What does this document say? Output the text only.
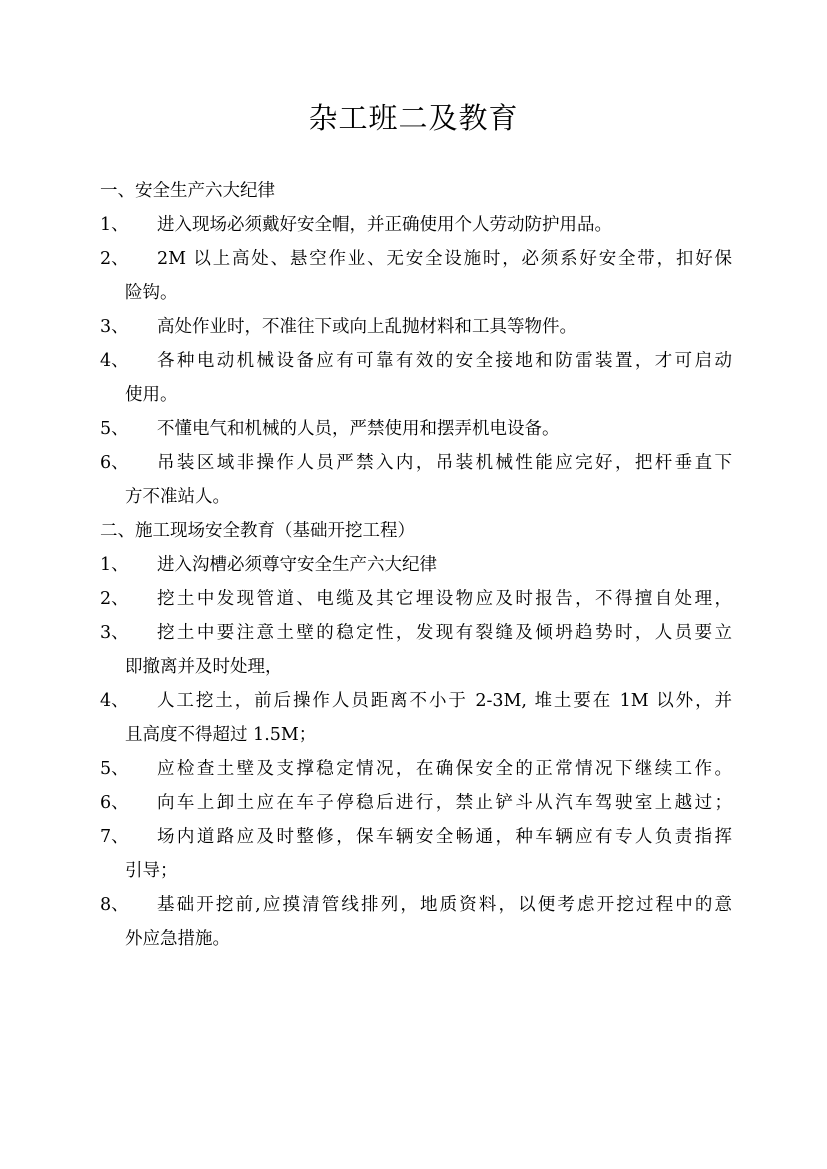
杂工班二及教育
一、安全生产六大纪律
1、	进入现场必须戴好安全帽，并正确使用个人劳动防护用品。
2、	2M 以上高处、悬空作业、无安全设施时，必须系好安全带，扣好保
险钩。
3、	高处作业时，不准往下或向上乱抛材料和工具等物件。
4、	各种电动机械设备应有可靠有效的安全接地和防雷装置，才可启动
使用。
5、	不懂电气和机械的人员，严禁使用和摆弄机电设备。
6、	吊装区域非操作人员严禁入内，吊装机械性能应完好，把杆垂直下
方不准站人。
二、施工现场安全教育（基础开挖工程）
1、	进入沟槽必须尊守安全生产六大纪律
2、	挖土中发现管道、电缆及其它埋设物应及时报告，不得擅自处理，
3、	挖土中要注意土壁的稳定性，发现有裂缝及倾坍趋势时，人员要立
即撤离并及时处理，
4、	人工挖土，前后操作人员距离不小于 2-3M, 堆土要在 1M 以外，并
且高度不得超过 1.5M；
5、	应检查土壁及支撑稳定情况，在确保安全的正常情况下继续工作。
6、	向车上卸土应在车子停稳后进行，禁止铲斗从汽车驾驶室上越过；
7、	场内道路应及时整修，保车辆安全畅通，种车辆应有专人负责指挥
引导；
8、	基础开挖前,应摸清管线排列，地质资料，以便考虑开挖过程中的意
外应急措施。
